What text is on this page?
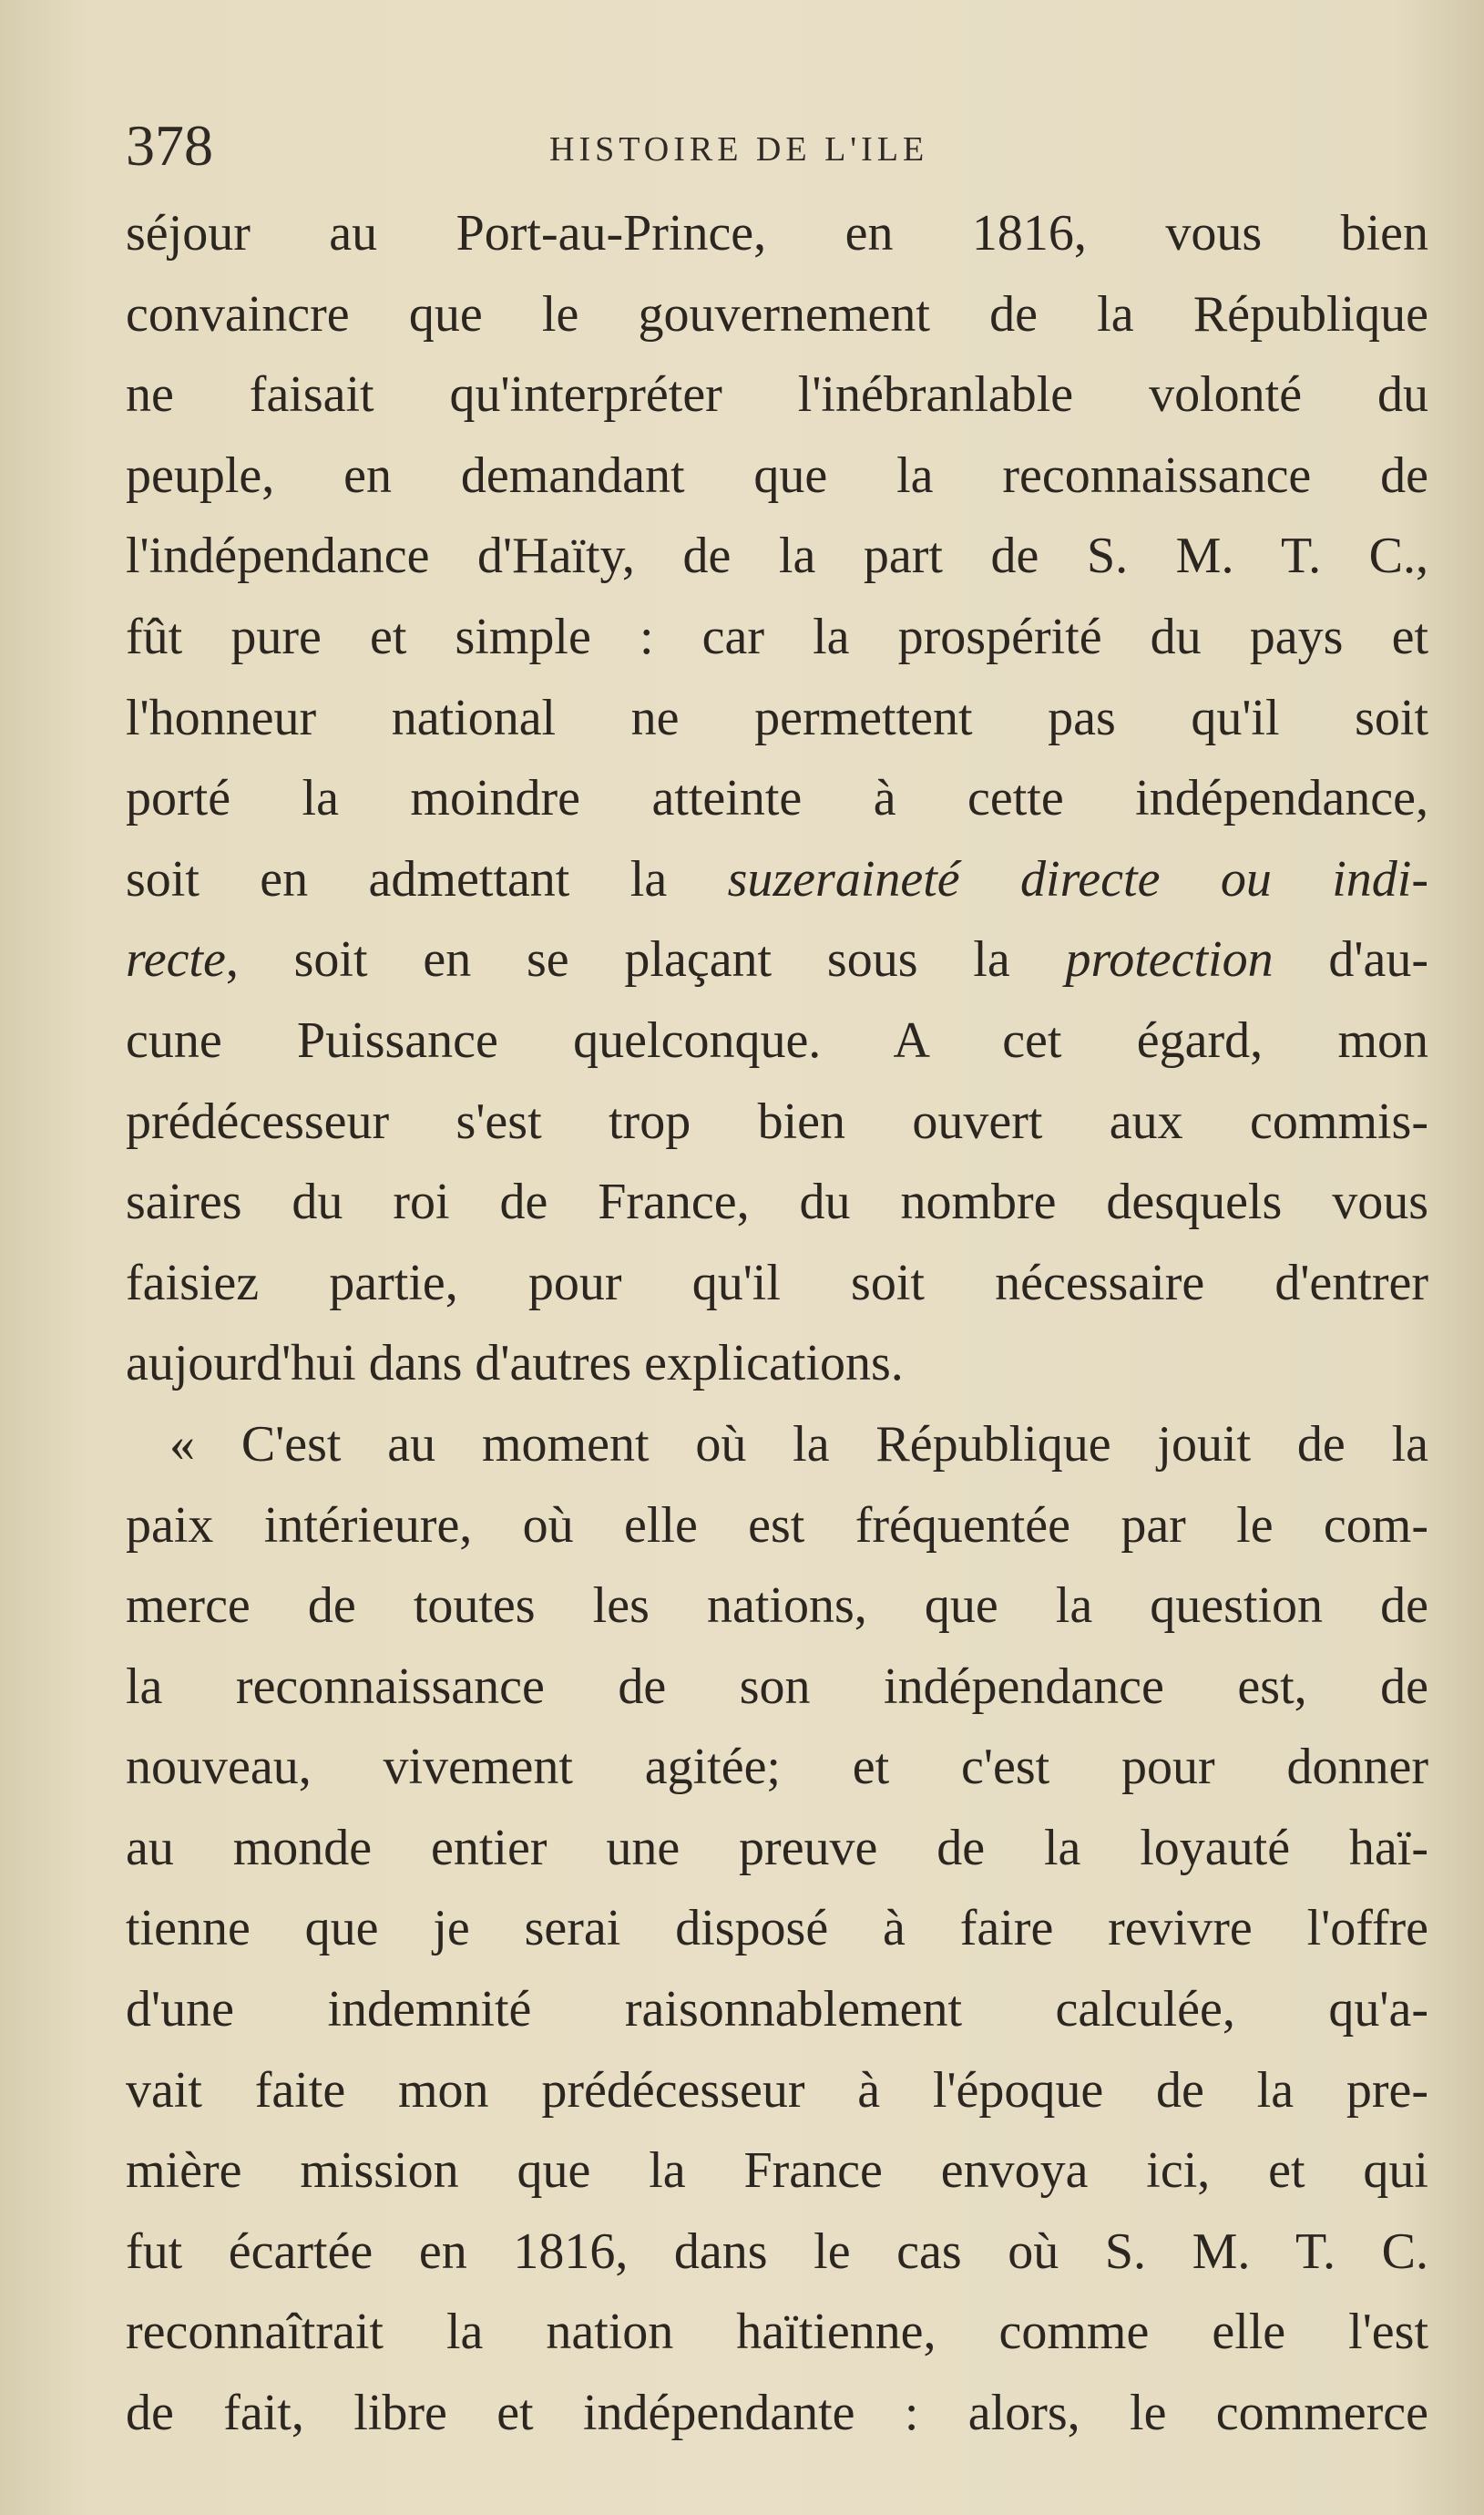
378	HISTOIRE DE L'ILE
séjour au Port-au-Prince, en 1816, vous bien
convaincre que le gouvernement de la République
ne faisait qu'interpréter l'inébranlable volonté du
peuple, en demandant que la reconnaissance de
l'indépendance d'Haïty, de la part de S. M. T. C.,
fût pure et simple : car la prospérité du pays et
l'honneur national ne permettent pas qu'il soit
porté la moindre atteinte à cette indépendance,
soit en admettant la suzeraineté directe ou indi-
recte, soit en se plaçant sous la protection d'au-
cune Puissance quelconque. A cet égard, mon
prédécesseur s'est trop bien ouvert aux commis-
saires du roi de France, du nombre desquels vous
faisiez partie, pour qu'il soit nécessaire d'entrer
aujourd'hui dans d'autres explications.
« C'est au moment où la République jouit de la
paix intérieure, où elle est fréquentée par le com-
merce de toutes les nations, que la question de
la reconnaissance de son indépendance est, de
nouveau, vivement agitée; et c'est pour donner
au monde entier une preuve de la loyauté haï-
tienne que je serai disposé à faire revivre l'offre
d'une indemnité raisonnablement calculée, qu'a-
vait faite mon prédécesseur à l'époque de la pre-
mière mission que la France envoya ici, et qui
fut écartée en 1816, dans le cas où S. M. T. C.
reconnaîtrait la nation haïtienne, comme elle l'est
de fait, libre et indépendante : alors, le commerce
